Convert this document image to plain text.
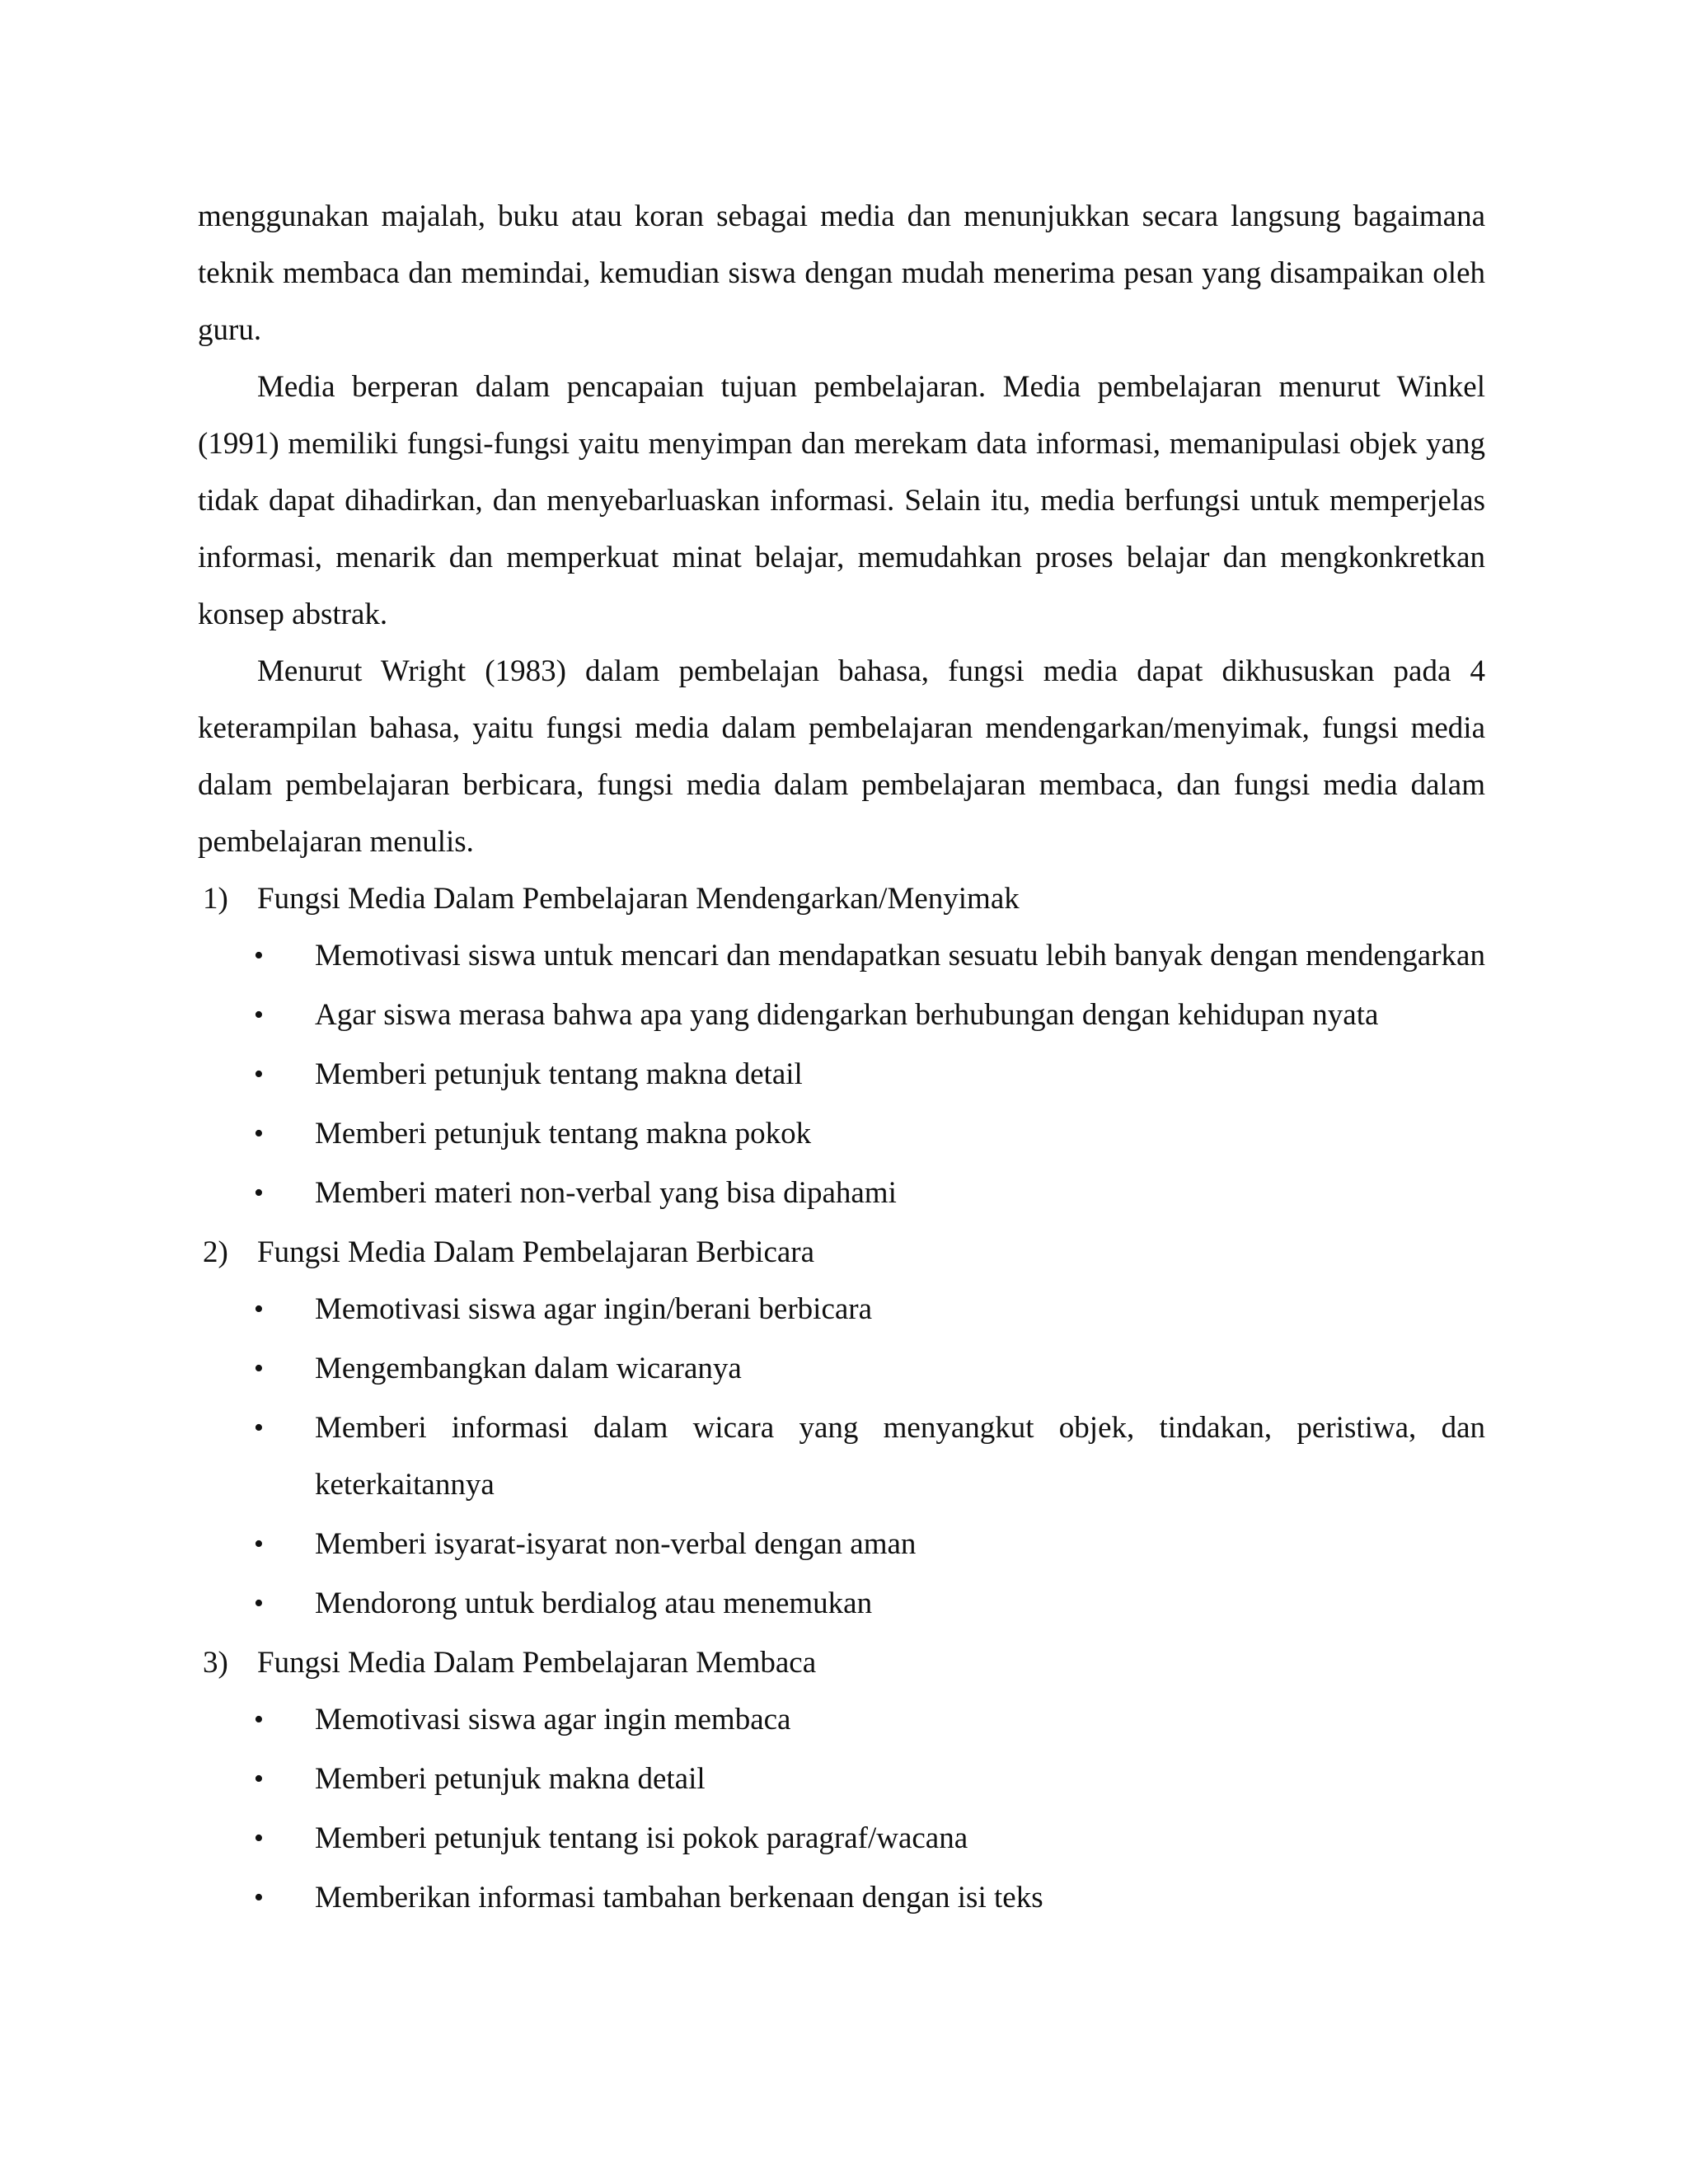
menggunakan majalah, buku atau koran sebagai media dan menunjukkan secara langsung bagaimana teknik membaca dan memindai, kemudian siswa dengan mudah menerima pesan yang disampaikan oleh guru.

Media berperan dalam pencapaian tujuan pembelajaran. Media pembelajaran menurut Winkel (1991) memiliki fungsi-fungsi yaitu menyimpan dan merekam data informasi, memanipulasi objek yang tidak dapat dihadirkan, dan menyebarluaskan informasi. Selain itu, media berfungsi untuk memperjelas informasi, menarik dan memperkuat minat belajar, memudahkan proses belajar dan mengkonkretkan konsep abstrak.

Menurut Wright (1983) dalam pembelajan bahasa, fungsi media dapat dikhususkan pada 4 keterampilan bahasa, yaitu fungsi media dalam pembelajaran mendengarkan/menyimak, fungsi media dalam pembelajaran berbicara, fungsi media dalam pembelajaran membaca, dan fungsi media dalam pembelajaran menulis.

1) Fungsi Media Dalam Pembelajaran Mendengarkan/Menyimak
•	Memotivasi siswa untuk mencari dan mendapatkan sesuatu lebih banyak dengan mendengarkan
•	Agar siswa merasa bahwa apa yang didengarkan berhubungan dengan kehidupan nyata
•	Memberi petunjuk tentang makna detail
•	Memberi petunjuk tentang makna pokok
•	Memberi materi non-verbal yang bisa dipahami
2) Fungsi Media Dalam Pembelajaran Berbicara
•	Memotivasi siswa agar ingin/berani berbicara
•	Mengembangkan dalam wicaranya
•	Memberi informasi dalam wicara yang menyangkut objek, tindakan, peristiwa, dan keterkaitannya
•	Memberi isyarat-isyarat non-verbal dengan aman
•	Mendorong untuk berdialog atau menemukan
3) Fungsi Media Dalam Pembelajaran Membaca
•	Memotivasi siswa agar ingin membaca
•	Memberi petunjuk makna detail
•	Memberi petunjuk tentang isi pokok paragraf/wacana
•	Memberikan informasi tambahan berkenaan dengan isi teks
